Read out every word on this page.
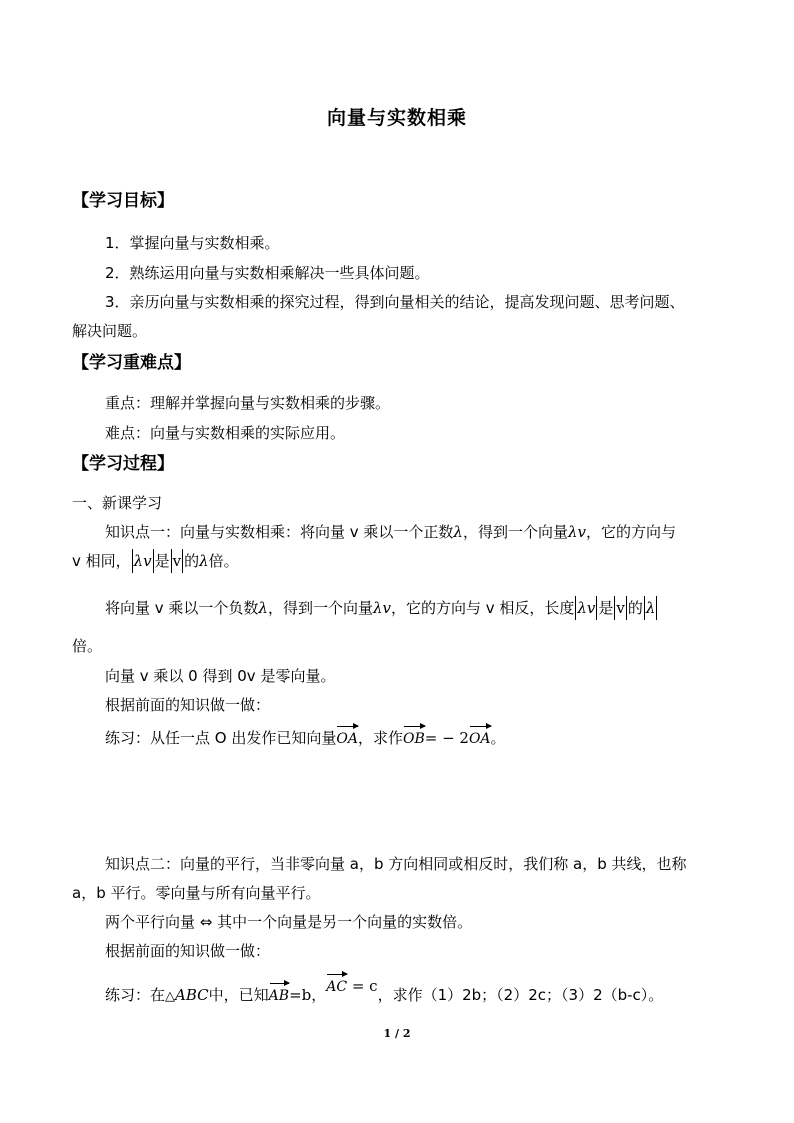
向量与实数相乘
【学习目标】
1．掌握向量与实数相乘。
2．熟练运用向量与实数相乘解决一些具体问题。
3．亲历向量与实数相乘的探究过程，得到向量相关的结论，提高发现问题、思考问题、
解决问题。
【学习重难点】
重点：理解并掌握向量与实数相乘的步骤。
难点：向量与实数相乘的实际应用。
【学习过程】
一、新课学习
知识点一：向量与实数相乘：将向量 v 乘以一个正数λ，得到一个向量λv，它的方向与
v 相同， λv 是 v 的λ倍。
将向量 v 乘以一个负数λ，得到一个向量λv，它的方向与 v 相反，长度 λv 是 v 的 λ
倍。
向量 v 乘以 0 得到 0v 是零向量。
根据前面的知识做一做：
练习：从任一点 O 出发作已知向量OA，求作OB= − 2OA。
知识点二：向量的平行，当非零向量 a，b 方向相同或相反时，我们称 a，b 共线，也称
a，b 平行。零向量与所有向量平行。
两个平行向量 ⇔ 其中一个向量是另一个向量的实数倍。
根据前面的知识做一做：
练习：在△ABC中，已知AB=b，AC = c，求作（1）2b；（2）2c；（3）2（b-c）。
1 / 2
